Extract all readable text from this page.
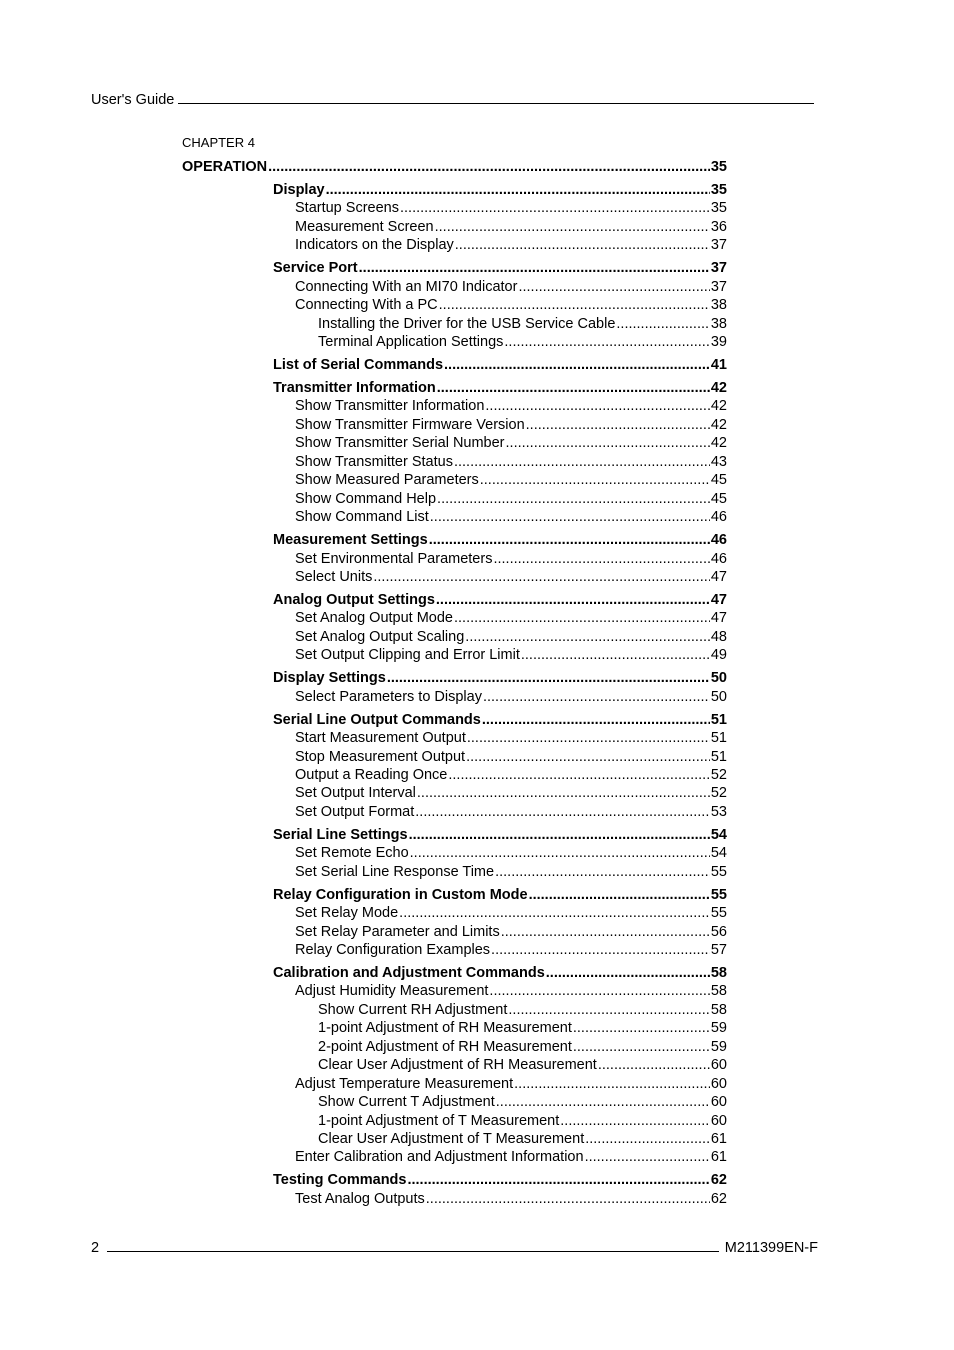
User's Guide
CHAPTER 4
OPERATION .....	35
Display .....	35
Startup Screens .....	35
Measurement Screen .....	36
Indicators on the Display .....	37
Service Port .....	37
Connecting With an MI70 Indicator .....	37
Connecting With a PC .....	38
Installing the Driver for the USB Service Cable .....	38
Terminal Application Settings .....	39
List of Serial Commands .....	41
Transmitter Information .....	42
Show Transmitter Information .....	42
Show Transmitter Firmware Version .....	42
Show Transmitter Serial Number .....	42
Show Transmitter Status .....	43
Show Measured Parameters .....	45
Show Command Help .....	45
Show Command List .....	46
Measurement Settings .....	46
Set Environmental Parameters .....	46
Select Units .....	47
Analog Output Settings .....	47
Set Analog Output Mode .....	47
Set Analog Output Scaling .....	48
Set Output Clipping and Error Limit .....	49
Display Settings .....	50
Select Parameters to Display .....	50
Serial Line Output Commands .....	51
Start Measurement Output .....	51
Stop Measurement Output .....	51
Output a Reading Once .....	52
Set Output Interval .....	52
Set Output Format .....	53
Serial Line Settings .....	54
Set Remote Echo .....	54
Set Serial Line Response Time .....	55
Relay Configuration in Custom Mode .....	55
Set Relay Mode .....	55
Set Relay Parameter and Limits .....	56
Relay Configuration Examples .....	57
Calibration and Adjustment Commands .....	58
Adjust Humidity Measurement .....	58
Show Current RH Adjustment .....	58
1-point Adjustment of RH Measurement .....	59
2-point Adjustment of RH Measurement .....	59
Clear User Adjustment of RH Measurement .....	60
Adjust Temperature Measurement .....	60
Show Current T Adjustment .....	60
1-point Adjustment of T Measurement .....	60
Clear User Adjustment of T Measurement .....	61
Enter Calibration and Adjustment Information .....	61
Testing Commands .....	62
Test Analog Outputs .....	62
2	M211399EN-F
